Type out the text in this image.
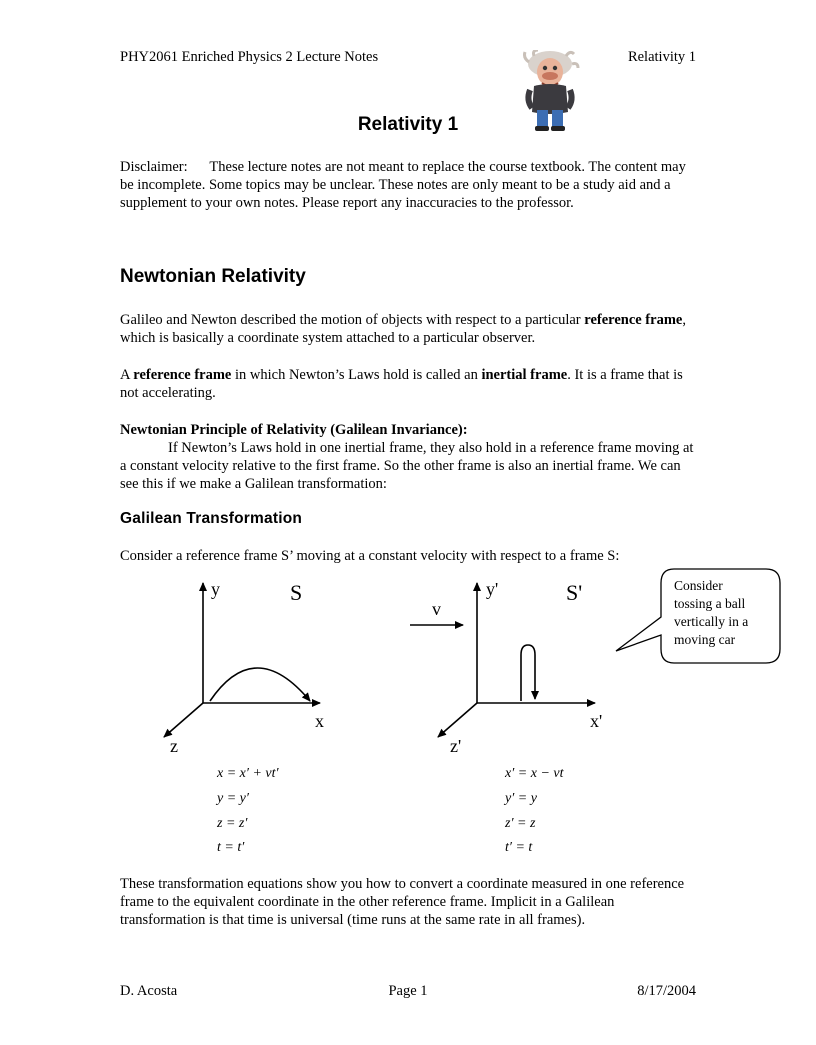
PHY2061 Enriched Physics 2 Lecture Notes	Relativity 1
Relativity 1
Disclaimer: These lecture notes are not meant to replace the course textbook. The content may be incomplete. Some topics may be unclear. These notes are only meant to be a study aid and a supplement to your own notes. Please report any inaccuracies to the professor.
Newtonian Relativity
Galileo and Newton described the motion of objects with respect to a particular reference frame, which is basically a coordinate system attached to a particular observer.
A reference frame in which Newton’s Laws hold is called an inertial frame. It is a frame that is not accelerating.
Newtonian Principle of Relativity (Galilean Invariance):
If Newton’s Laws hold in one inertial frame, they also hold in a reference frame moving at a constant velocity relative to the first frame. So the other frame is also an inertial frame. We can see this if we make a Galilean transformation:
Galilean Transformation
Consider a reference frame S’ moving at a constant velocity with respect to a frame S:
y	S
x
z
v
y'	S'
x'
z'
Consider tossing a ball vertically in a moving car
x = x′ + vt′
y = y′
z = z′
t = t′
x′ = x − vt
y′ = y
z′ = z
t′ = t
These transformation equations show you how to convert a coordinate measured in one reference frame to the equivalent coordinate in the other reference frame. Implicit in a Galilean transformation is that time is universal (time runs at the same rate in all frames).
D. Acosta	Page 1	8/17/2004
